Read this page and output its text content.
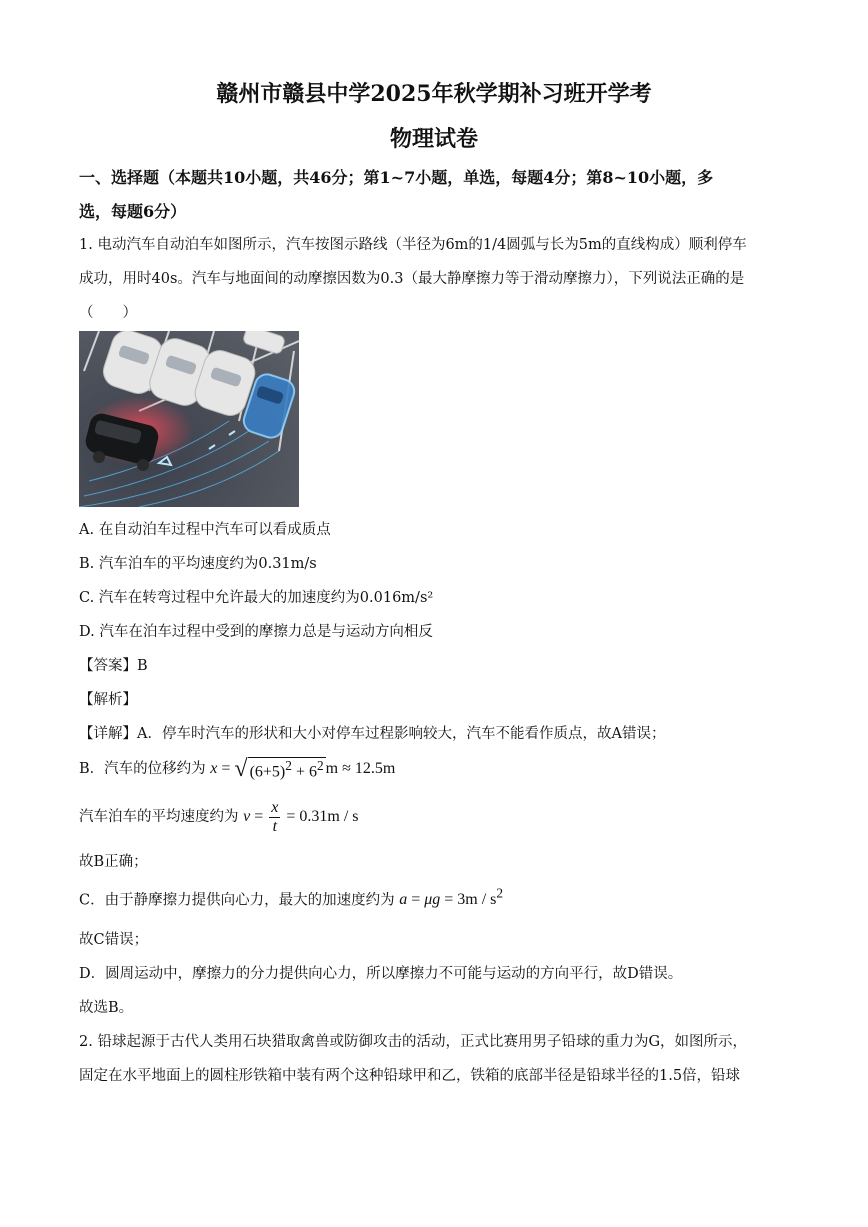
赣州市赣县中学2025年秋学期补习班开学考
物理试卷
一、选择题（本题共10小题，共46分；第1~7小题，单选，每题4分；第8~10小题，多
选，每题6分）
1. 电动汽车自动泊车如图所示，汽车按图示路线（半径为6m的1/4圆弧与长为5m的直线构成）顺利停车
成功，用时40s。汽车与地面间的动摩擦因数为0.3（最大静摩擦力等于滑动摩擦力），下列说法正确的是
（　　）
A. 在自动泊车过程中汽车可以看成质点
B. 汽车泊车的平均速度约为0.31m/s
C. 汽车在转弯过程中允许最大的加速度约为0.016m/s²
D. 汽车在泊车过程中受到的摩擦力总是与运动方向相反
【答案】B
【解析】
【详解】A．停车时汽车的形状和大小对停车过程影响较大，汽车不能看作质点，故A错误；
B．汽车的位移约为 x = √ $(6+5)^2 + 6^2$ m ≈ 12.5m
汽车泊车的平均速度约为 $v = \frac{x}{t} = 0.31m / s$
故B正确；
C．由于静摩擦力提供向心力，最大的加速度约为 $a = \mu g = 3m / s^2$
故C错误；
D．圆周运动中，摩擦力的分力提供向心力，所以摩擦力不可能与运动的方向平行，故D错误。
故选B。
2. 铅球起源于古代人类用石块猎取禽兽或防御攻击的活动，正式比赛用男子铅球的重力为G，如图所示，
固定在水平地面上的圆柱形铁箱中装有两个这种铅球甲和乙，铁箱的底部半径是铅球半径的1.5倍，铅球
